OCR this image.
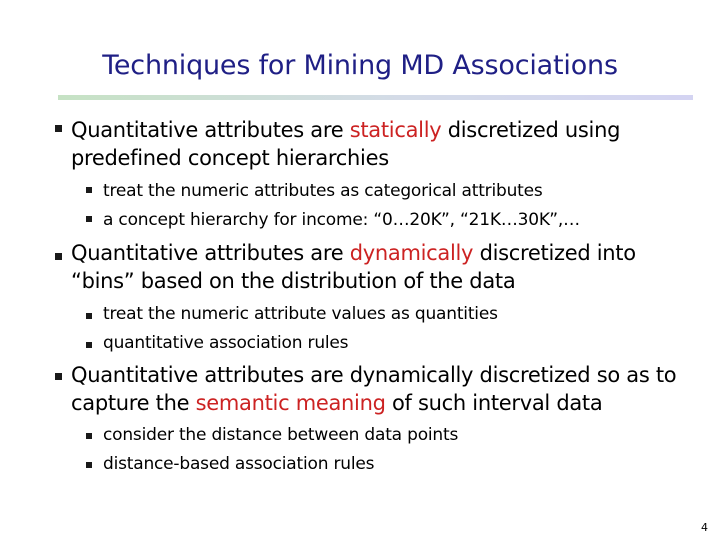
Techniques for Mining MD Associations
Quantitative attributes are statically discretized using
predefined concept hierarchies
treat the numeric attributes as categorical attributes
a concept hierarchy for income: “0…20K”, “21K…30K”,…
Quantitative attributes are dynamically discretized into
“bins” based on the distribution of the data
treat the numeric attribute values as quantities
quantitative association rules
Quantitative attributes are dynamically discretized so as to
capture the semantic meaning of such interval data
consider the distance between data points
distance-based association rules
4
